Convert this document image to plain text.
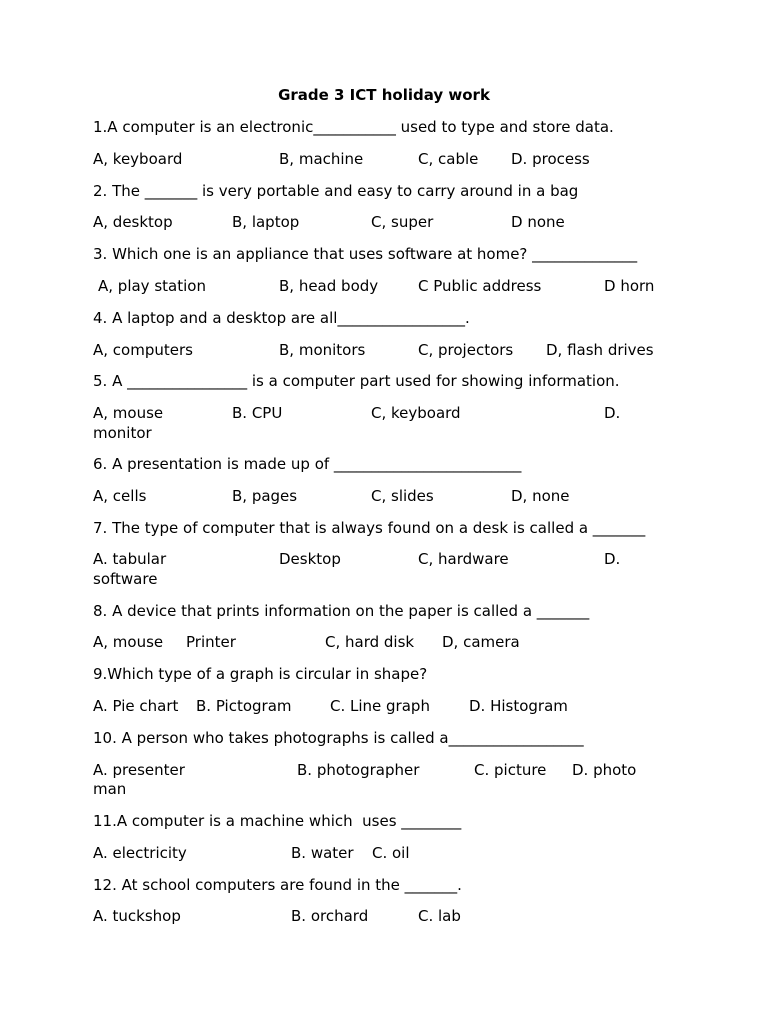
Grade 3 ICT holiday work
1.A computer is an electronic___________ used to type and store data.
A, keyboard	B, machine	C, cable D. process
2. The _______ is very portable and easy to carry around in a bag
A, desktop	B, laptop	C, super	D none
3. Which one is an appliance that uses software at home? ______________
A, play station	B, head body	C Public address	D horn
4. A laptop and a desktop are all_________________.
A, computers	B, monitors	C, projectors D, flash drives
5. A ________________ is a computer part used for showing information.
A, mouse	B. CPU	C, keyboard	D.
monitor
6. A presentation is made up of _________________________
A, cells	B, pages	C, slides	D, none
7. The type of computer that is always found on a desk is called a _______
A. tabular	Desktop	C, hardware	D.
software
8. A device that prints information on the paper is called a _______
A, mouse Printer	C, hard disk D, camera
9.Which type of a graph is circular in shape?
A. Pie chart B. Pictogram	C. Line graph	D. Histogram
10. A person who takes photographs is called a__________________
A. presenter	B. photographer	C. picture D. photo
man
11.A computer is a machine which  uses ________
A. electricity	B. water C. oil
12. At school computers are found in the _______.
A. tuckshop	B. orchard	C. lab
